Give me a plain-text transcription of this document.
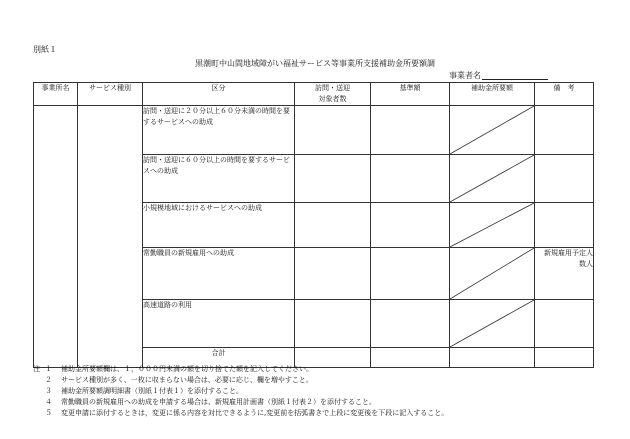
別紙１
黒潮町中山間地域障がい福祉サービス等事業所支援補助金所要額調
事業者名
事業所名	サービス種別	区分	訪問・送迎
対象者数	基準額	補助金所要額	備　考
		訪問・送迎に２０分以上６０分未満の時間を要するサービスへの助成			

		訪問・送迎に６０分以上の時間を要するサービスへの助成			

		小規模地域におけるサービスへの助成			

		常勤職員の新規雇用への助成				新規雇用予定人数人
		高速道路の利用			

		合計				
注 １	補助金所要額欄は、１，０００円未満の額を切り捨てた額を記入してください。
２	サービス種別が多く、一枚に収まらない場合は、必要に応じ、欄を増やすこと。
３	補助金所要額調明細書（別紙１付表１）を添付すること。
４	常勤職員の新規雇用への助成を申請する場合は、新規雇用計画書（別紙１付表２）を添付すること。
５	変更申請に添付するときは，変更に係る内容を対比できるように,変更前を括弧書きで上段に変更後を下段に記入すること。
